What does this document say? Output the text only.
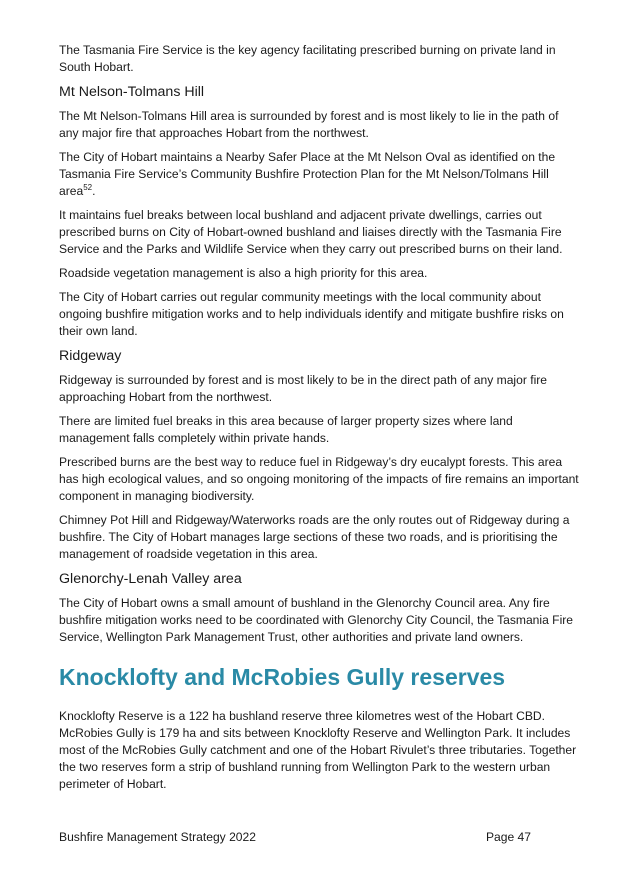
The Tasmania Fire Service is the key agency facilitating prescribed burning on private land in South Hobart.

Mt Nelson-Tolmans Hill

The Mt Nelson-Tolmans Hill area is surrounded by forest and is most likely to lie in the path of any major fire that approaches Hobart from the northwest.

The City of Hobart maintains a Nearby Safer Place at the Mt Nelson Oval as identified on the Tasmania Fire Service’s Community Bushfire Protection Plan for the Mt Nelson/Tolmans Hill area$^{52}$.

It maintains fuel breaks between local bushland and adjacent private dwellings, carries out prescribed burns on City of Hobart-owned bushland and liaises directly with the Tasmania Fire Service and the Parks and Wildlife Service when they carry out prescribed burns on their land.

Roadside vegetation management is also a high priority for this area.

The City of Hobart carries out regular community meetings with the local community about ongoing bushfire mitigation works and to help individuals identify and mitigate bushfire risks on their own land.

Ridgeway

Ridgeway is surrounded by forest and is most likely to be in the direct path of any major fire approaching Hobart from the northwest.

There are limited fuel breaks in this area because of larger property sizes where land management falls completely within private hands.

Prescribed burns are the best way to reduce fuel in Ridgeway’s dry eucalypt forests. This area has high ecological values, and so ongoing monitoring of the impacts of fire remains an important component in managing biodiversity.

Chimney Pot Hill and Ridgeway/Waterworks roads are the only routes out of Ridgeway during a bushfire. The City of Hobart manages large sections of these two roads, and is prioritising the management of roadside vegetation in this area.

Glenorchy-Lenah Valley area

The City of Hobart owns a small amount of bushland in the Glenorchy Council area. Any fire bushfire mitigation works need to be coordinated with Glenorchy City Council, the Tasmania Fire Service, Wellington Park Management Trust, other authorities and private land owners.

Knocklofty and McRobies Gully reserves

Knocklofty Reserve is a 122 ha bushland reserve three kilometres west of the Hobart CBD. McRobies Gully is 179 ha and sits between Knocklofty Reserve and Wellington Park. It includes most of the McRobies Gully catchment and one of the Hobart Rivulet’s three tributaries. Together the two reserves form a strip of bushland running from Wellington Park to the western urban perimeter of Hobart.

Bushfire Management Strategy 2022	Page 47
